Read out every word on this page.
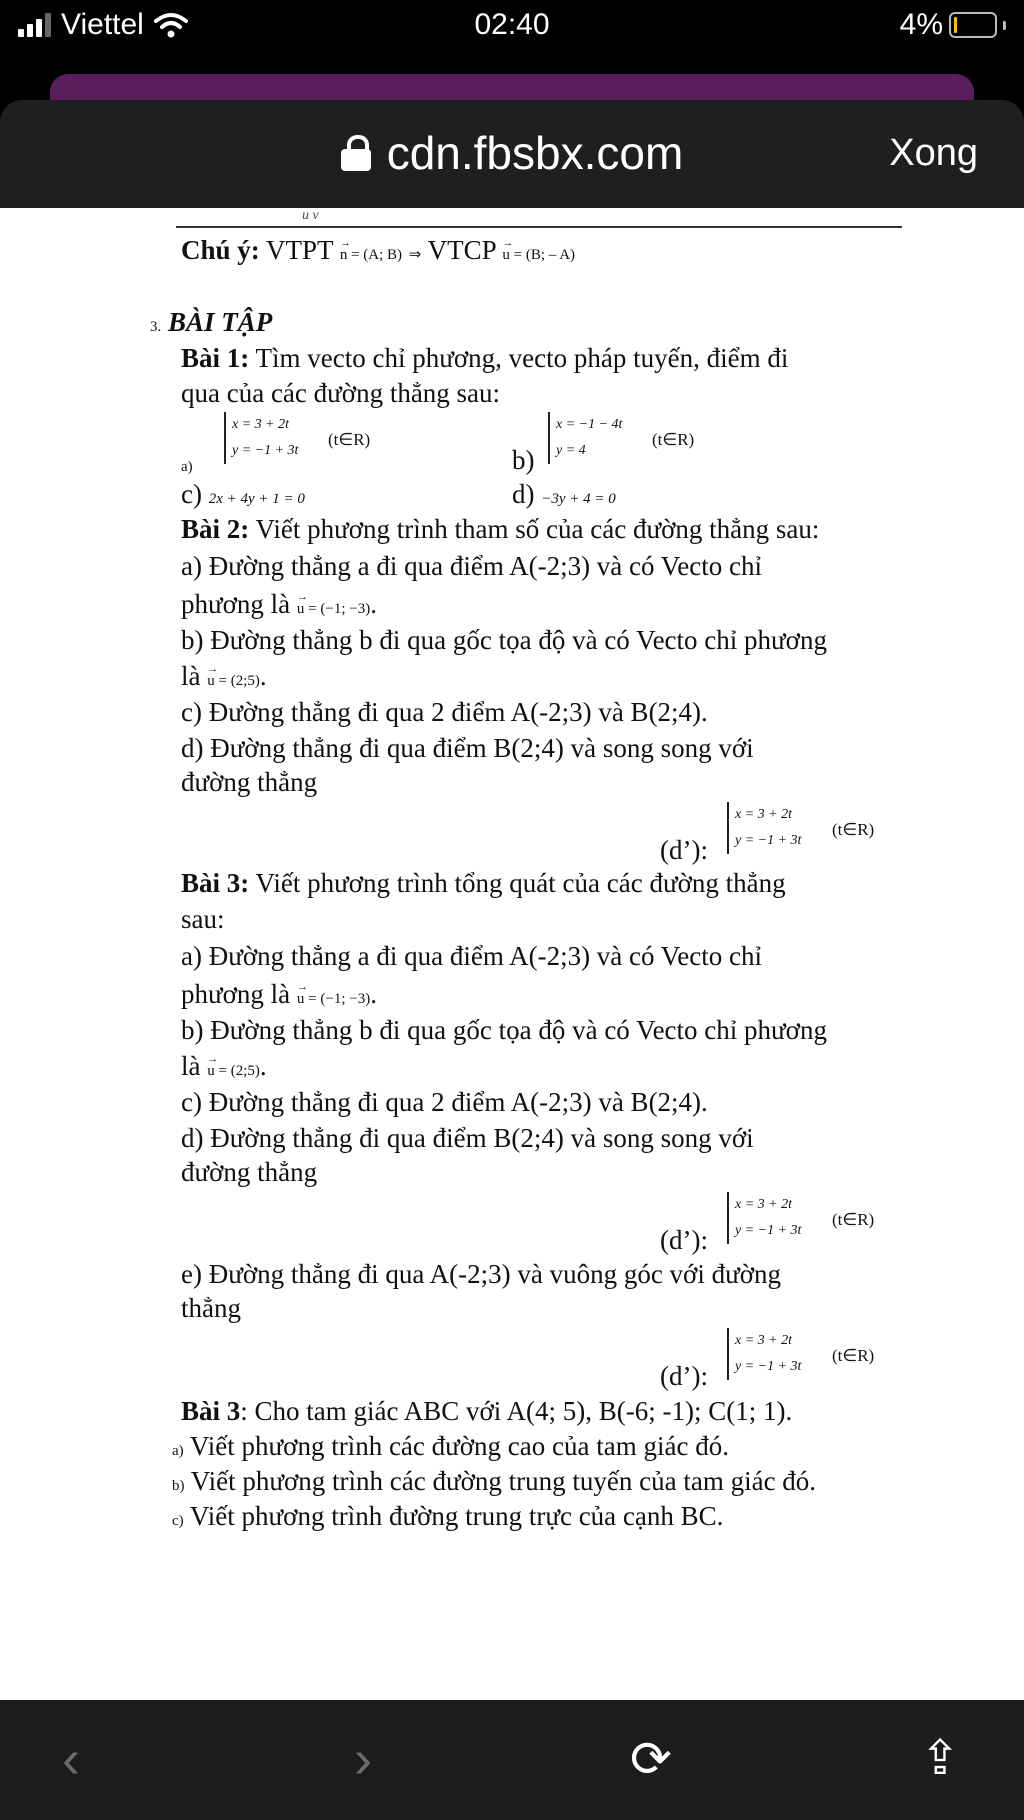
Viettel	02:40	4%
cdn.fbsbx.com	Xong
u v
Chú ý: VTPT → n = (A; B) ⇒ VTCP → u = (B; – A)
3. BÀI TẬP
Bài 1: Tìm vecto chỉ phương, vecto pháp tuyến, điểm đi
qua của các đường thẳng sau:
a)
x = 3 + 2t
y = −1 + 3t
(t∈R)
b)
x = −1 − 4t
y = 4
(t∈R)
c) 2x + 4y + 1 = 0	d) −3y + 4 = 0
Bài 2: Viết phương trình tham số của các đường thẳng sau:
a) Đường thẳng a đi qua điểm A(-2;3) và có Vecto chỉ
phương là → u = (−1; −3).
b) Đường thẳng b đi qua gốc tọa độ và có Vecto chỉ phương
là → u = (2;5).
c) Đường thẳng đi qua 2 điểm A(-2;3) và B(2;4).
d) Đường thẳng đi qua điểm B(2;4) và song song với
đường thẳng
(d’):
x = 3 + 2t
y = −1 + 3t
(t∈R)
Bài 3: Viết phương trình tổng quát của các đường thẳng
sau:
a) Đường thẳng a đi qua điểm A(-2;3) và có Vecto chỉ
phương là → u = (−1; −3).
b) Đường thẳng b đi qua gốc tọa độ và có Vecto chỉ phương
là → u = (2;5).
c) Đường thẳng đi qua 2 điểm A(-2;3) và B(2;4).
d) Đường thẳng đi qua điểm B(2;4) và song song với
đường thẳng
(d’):
x = 3 + 2t
y = −1 + 3t
(t∈R)
e) Đường thẳng đi qua A(-2;3) và vuông góc với đường
thẳng
(d’):
x = 3 + 2t
y = −1 + 3t
(t∈R)
Bài 3: Cho tam giác ABC với A(4; 5), B(-6; -1); C(1; 1).
a) Viết phương trình các đường cao của tam giác đó.
b) Viết phương trình các đường trung tuyến của tam giác đó.
c) Viết phương trình đường trung trực của cạnh BC.
‹	›	⟳	⇪
